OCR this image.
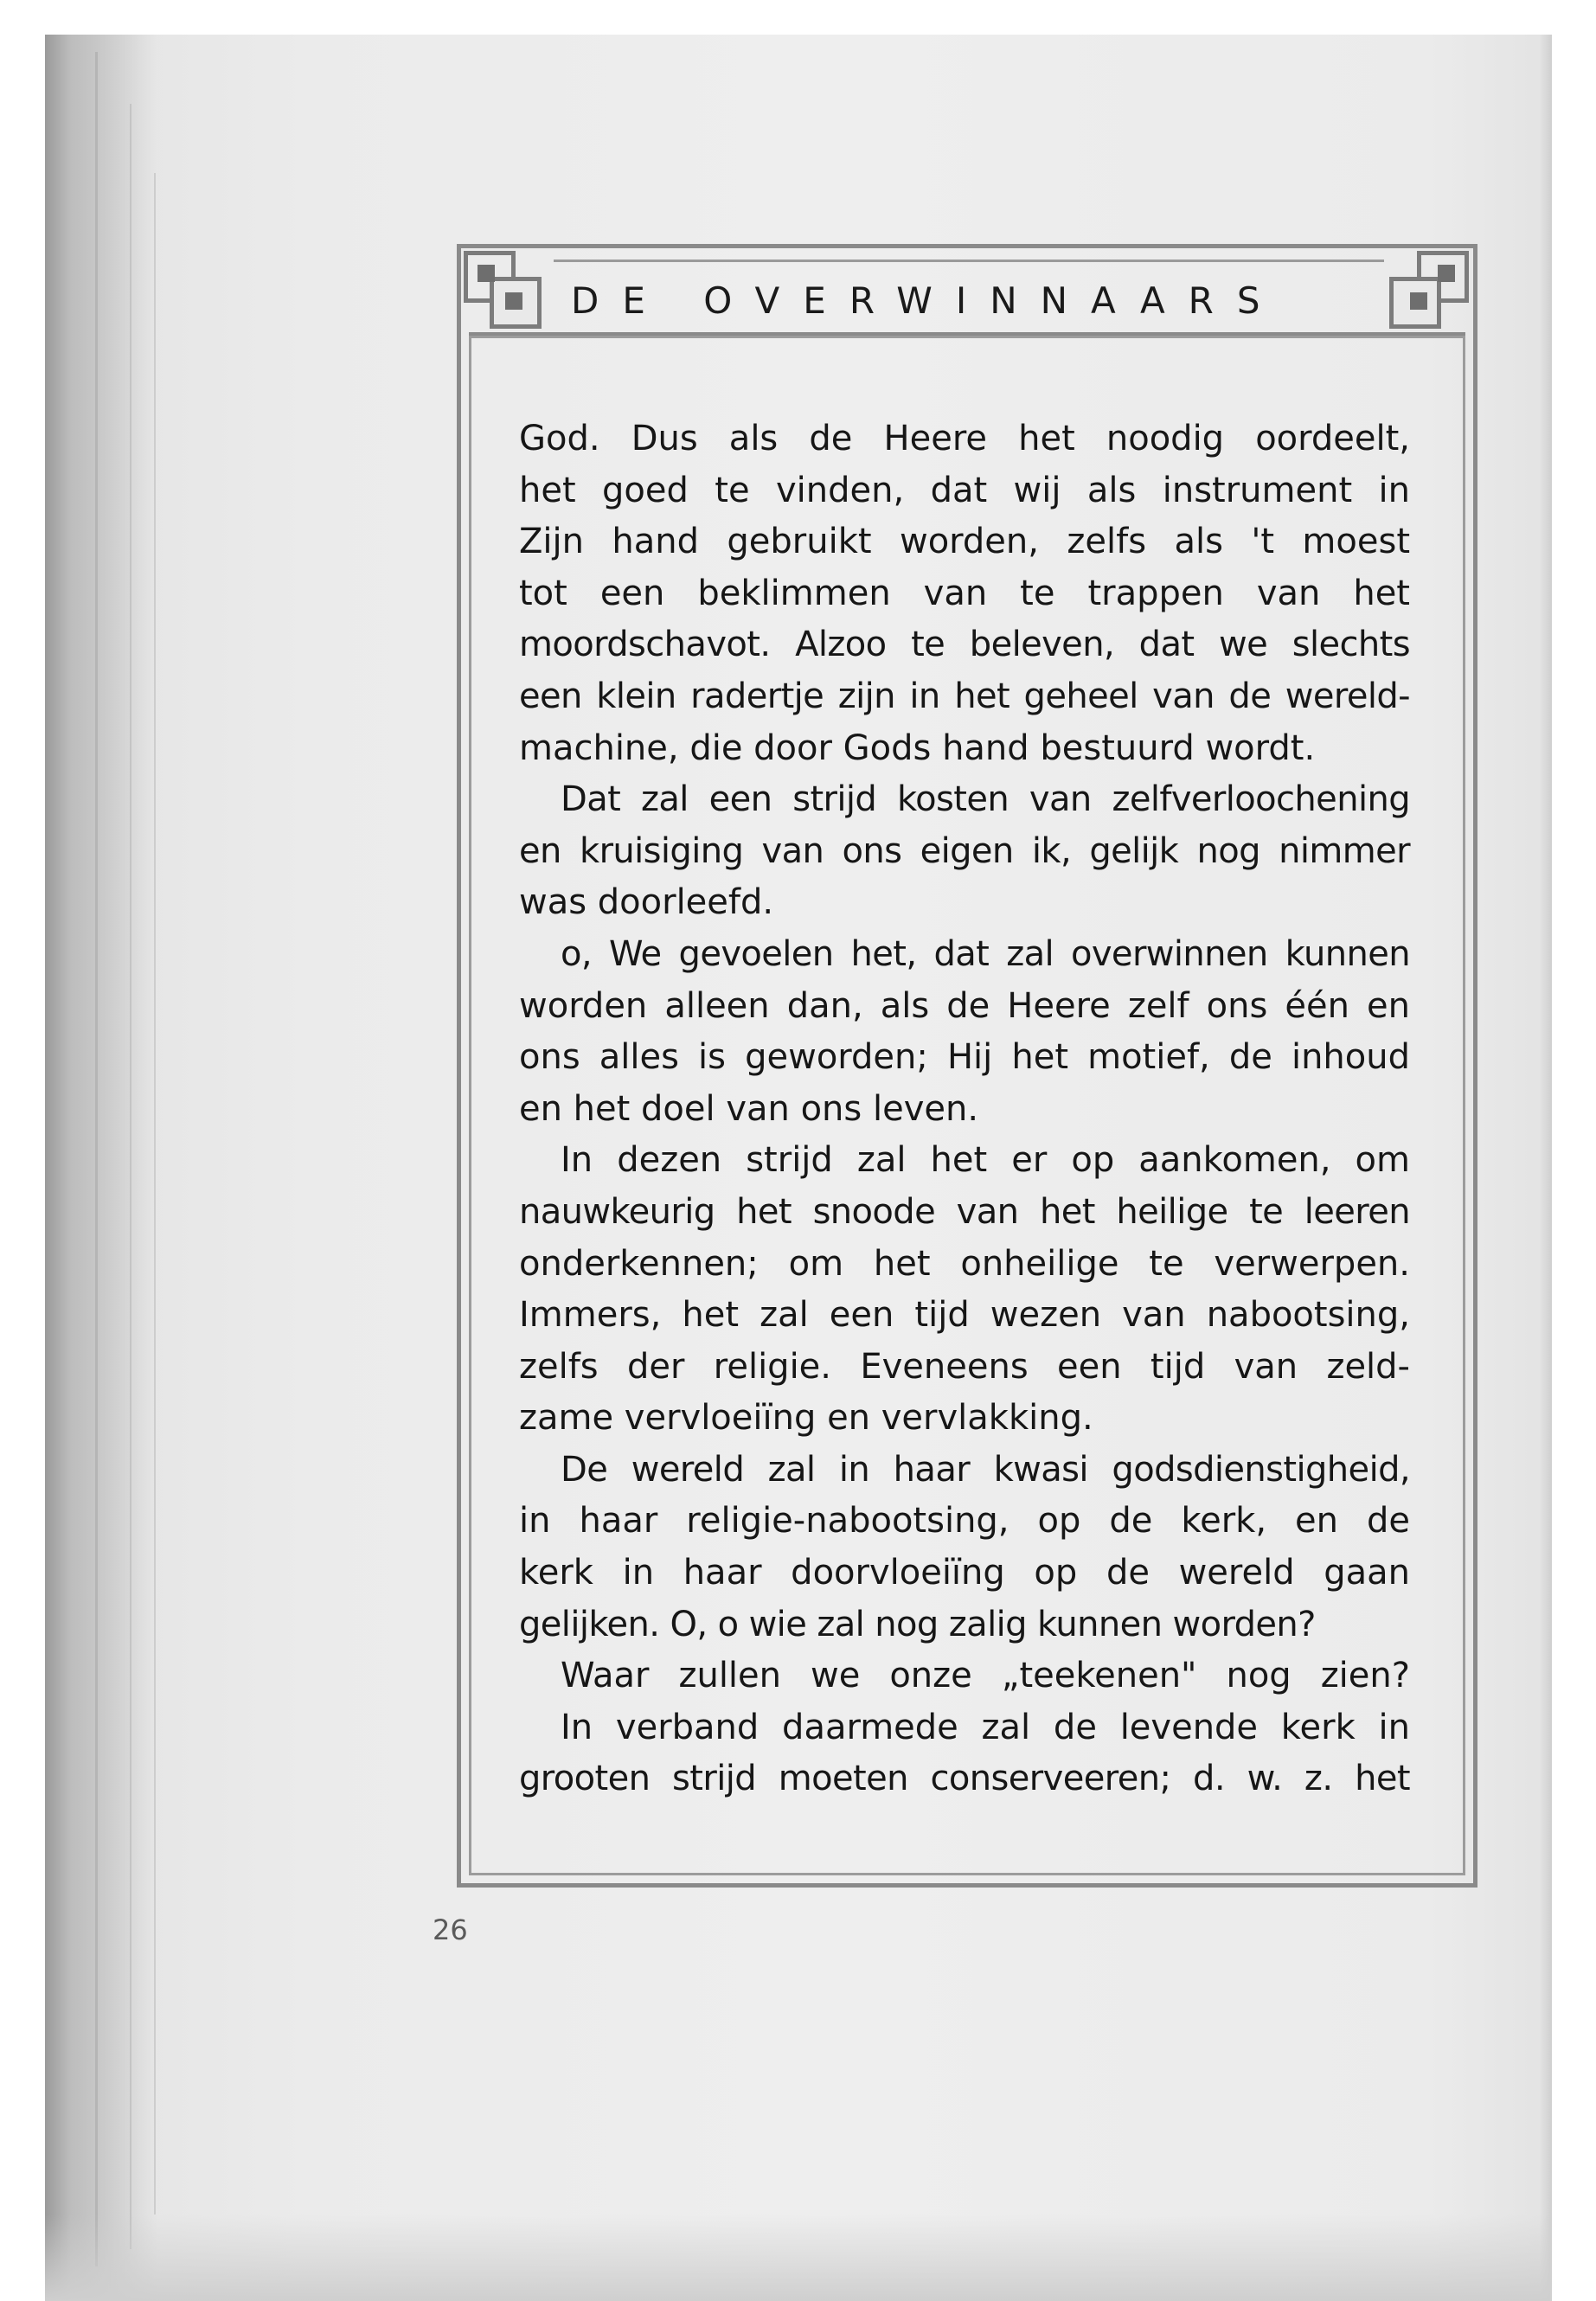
DE OVERWINNAARS
God. Dus als de Heere het noodig oordeelt,
het goed te vinden, dat wij als instrument in
Zijn hand gebruikt worden, zelfs als 't moest
tot een beklimmen van te trappen van het
moordschavot. Alzoo te beleven, dat we slechts
een klein radertje zijn in het geheel van de wereld-
machine, die door Gods hand bestuurd wordt.
Dat zal een strijd kosten van zelfverloochening
en kruisiging van ons eigen ik, gelijk nog nimmer
was doorleefd.
o, We gevoelen het, dat zal overwinnen kunnen
worden alleen dan, als de Heere zelf ons één en
ons alles is geworden; Hij het motief, de inhoud
en het doel van ons leven.
In dezen strijd zal het er op aankomen, om
nauwkeurig het snoode van het heilige te leeren
onderkennen; om het onheilige te verwerpen.
Immers, het zal een tijd wezen van nabootsing,
zelfs der religie. Eveneens een tijd van zeld-
zame vervloeiïng en vervlakking.
De wereld zal in haar kwasi godsdienstigheid,
in haar religie-nabootsing, op de kerk, en de
kerk in haar doorvloeiïng op de wereld gaan
gelijken. O, o wie zal nog zalig kunnen worden?
Waar zullen we onze „teekenen" nog zien?
In verband daarmede zal de levende kerk in
grooten strijd moeten conserveeren; d. w. z. het
26
